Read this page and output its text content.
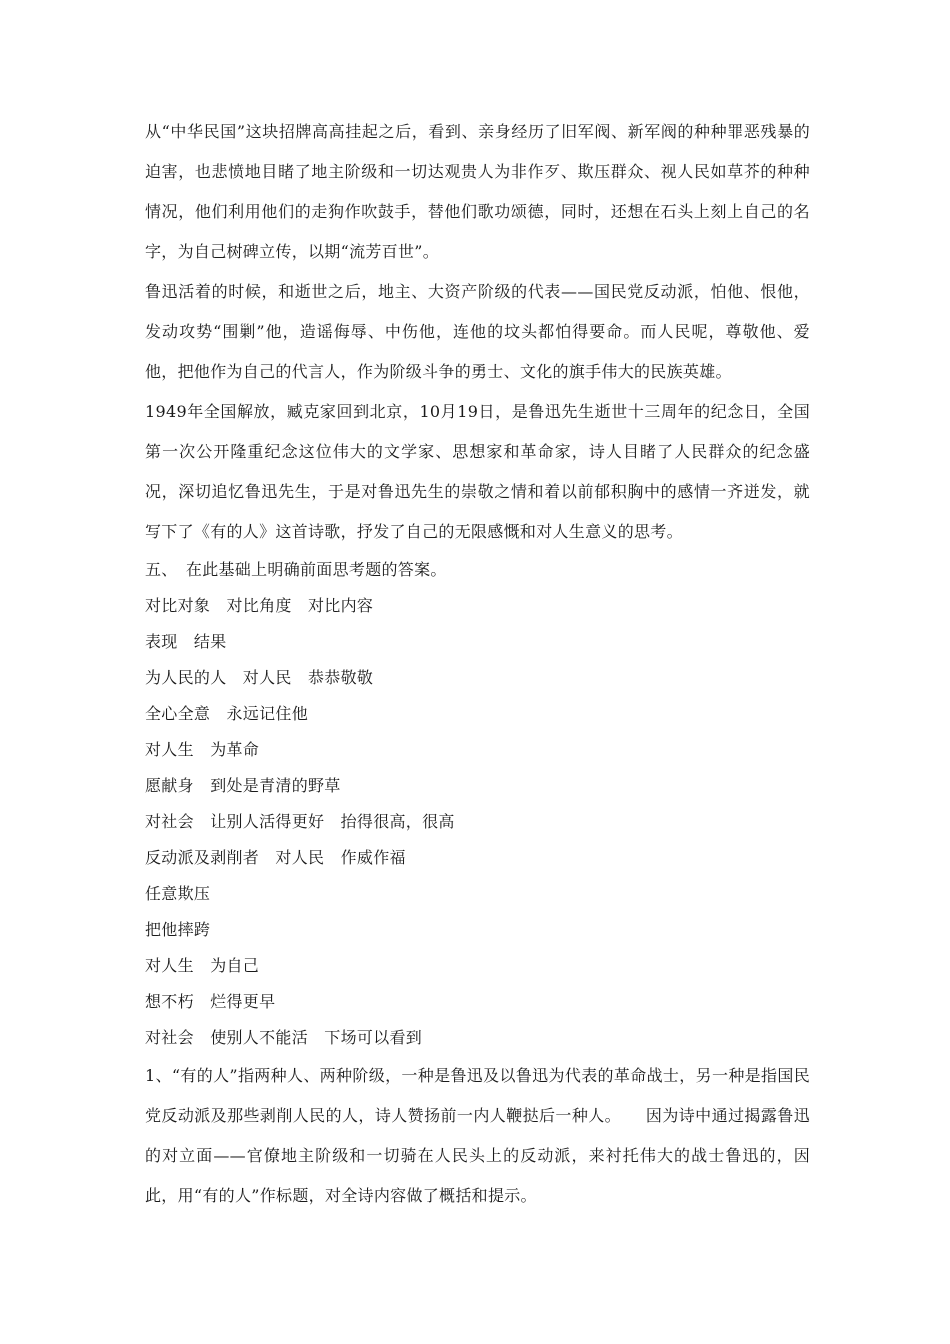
从“中华民国”这块招牌高高挂起之后，看到、亲身经历了旧军阀、新军阀的种种罪恶残暴的迫害，也悲愤地目睹了地主阶级和一切达观贵人为非作歹、欺压群众、视人民如草芥的种种情况，他们利用他们的走狗作吹鼓手，替他们歌功颂德，同时，还想在石头上刻上自己的名字，为自己树碑立传，以期“流芳百世”。

鲁迅活着的时候，和逝世之后，地主、大资产阶级的代表——国民党反动派，怕他、恨他，发动攻势“围剿”他，造谣侮辱、中伤他，连他的坟头都怕得要命。而人民呢，尊敬他、爱他，把他作为自己的代言人，作为阶级斗争的勇士、文化的旗手伟大的民族英雄。

1949年全国解放，臧克家回到北京，10月19日，是鲁迅先生逝世十三周年的纪念日，全国第一次公开隆重纪念这位伟大的文学家、思想家和革命家，诗人目睹了人民群众的纪念盛况，深切追忆鲁迅先生，于是对鲁迅先生的崇敬之情和着以前郁积胸中的感情一齐迸发，就写下了《有的人》这首诗歌，抒发了自己的无限感慨和对人生意义的思考。

五、　在此基础上明确前面思考题的答案。

对比对象　对比角度　对比内容

表现　结果

为人民的人　对人民　恭恭敬敬

全心全意　永远记住他

对人生　为革命

愿献身　到处是青清的野草

对社会　让别人活得更好　抬得很高，很高

反动派及剥削者　对人民　作威作福

任意欺压

把他摔跨

对人生　为自己

想不朽　烂得更早

对社会　使别人不能活　下场可以看到

1、“有的人”指两种人、两种阶级，一种是鲁迅及以鲁迅为代表的革命战士，另一种是指国民党反动派及那些剥削人民的人，诗人赞扬前一内人鞭挞后一种人。　　因为诗中通过揭露鲁迅的对立面——官僚地主阶级和一切骑在人民头上的反动派，来衬托伟大的战士鲁迅的，因此，用“有的人”作标题，对全诗内容做了概括和提示。
